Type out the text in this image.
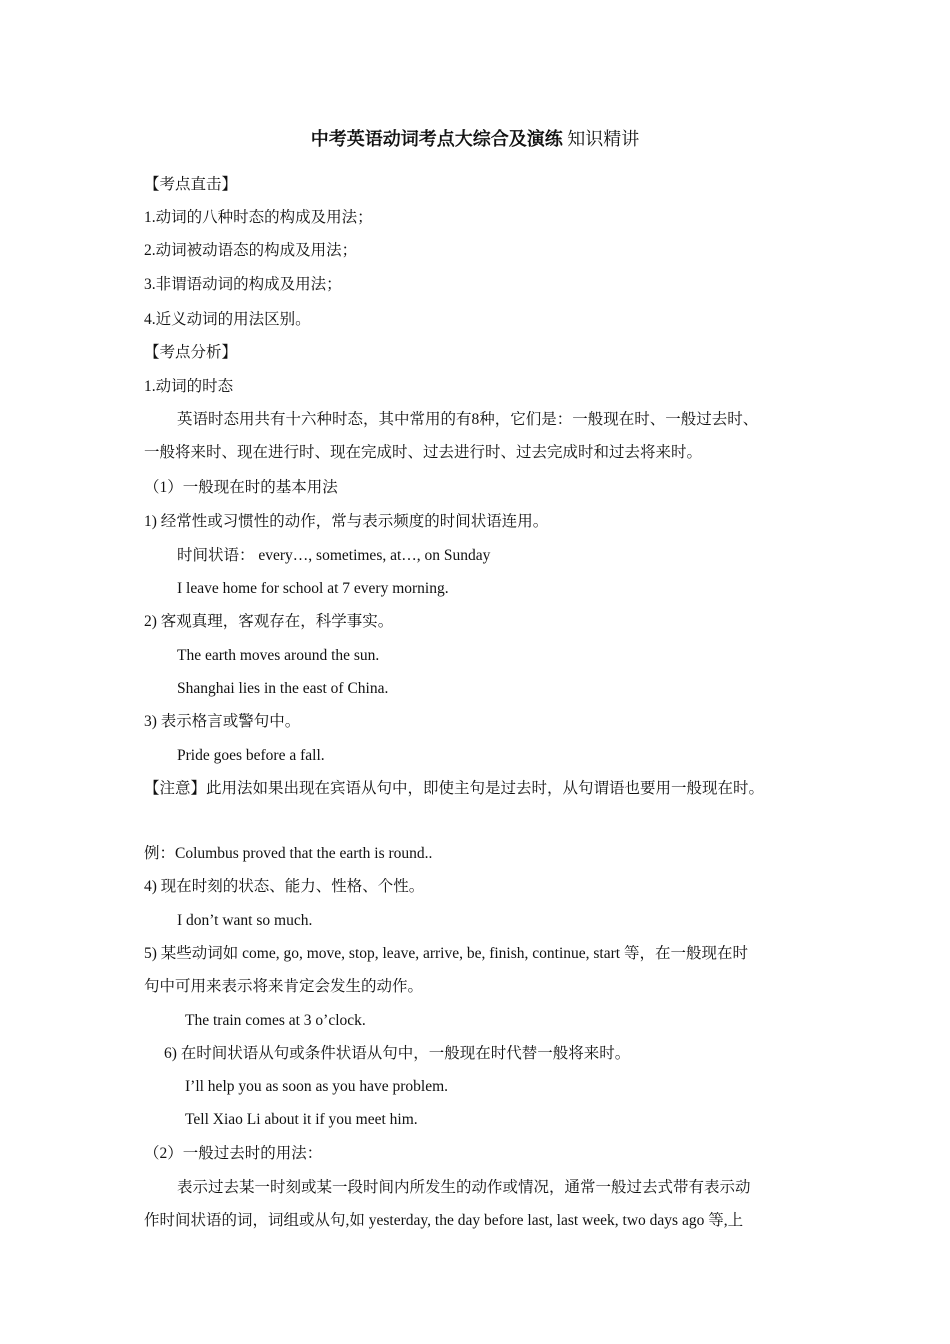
中考英语动词考点大综合及演练 知识精讲
【考点直击】
1.动词的八种时态的构成及用法；
2.动词被动语态的构成及用法；
3.非谓语动词的构成及用法；
4.近义动词的用法区别。
【考点分析】
1.动词的时态
英语时态用共有十六种时态，其中常用的有8种，它们是：一般现在时、一般过去时、
一般将来时、现在进行时、现在完成时、过去进行时、过去完成时和过去将来时。
（1）一般现在时的基本用法
1) 经常性或习惯性的动作，常与表示频度的时间状语连用。
时间状语： every…, sometimes, at…, on Sunday
I leave home for school at 7 every morning.
2) 客观真理，客观存在，科学事实。
The earth moves around the sun.
Shanghai lies in the east of China.
3) 表示格言或警句中。
Pride goes before a fall.
【注意】此用法如果出现在宾语从句中，即使主句是过去时，从句谓语也要用一般现在时。
例：Columbus proved that the earth is round..
4) 现在时刻的状态、能力、性格、个性。
I don’t want so much.
5) 某些动词如 come, go, move, stop, leave, arrive, be, finish, continue, start 等，在一般现在时
句中可用来表示将来肯定会发生的动作。
The train comes at 3 o’clock.
6) 在时间状语从句或条件状语从句中，一般现在时代替一般将来时。
I’ll help you as soon as you have problem.
Tell Xiao Li about it if you meet him.
（2）一般过去时的用法：
表示过去某一时刻或某一段时间内所发生的动作或情况，通常一般过去式带有表示动
作时间状语的词，词组或从句,如 yesterday, the day before last, last week, two days ago 等,上
